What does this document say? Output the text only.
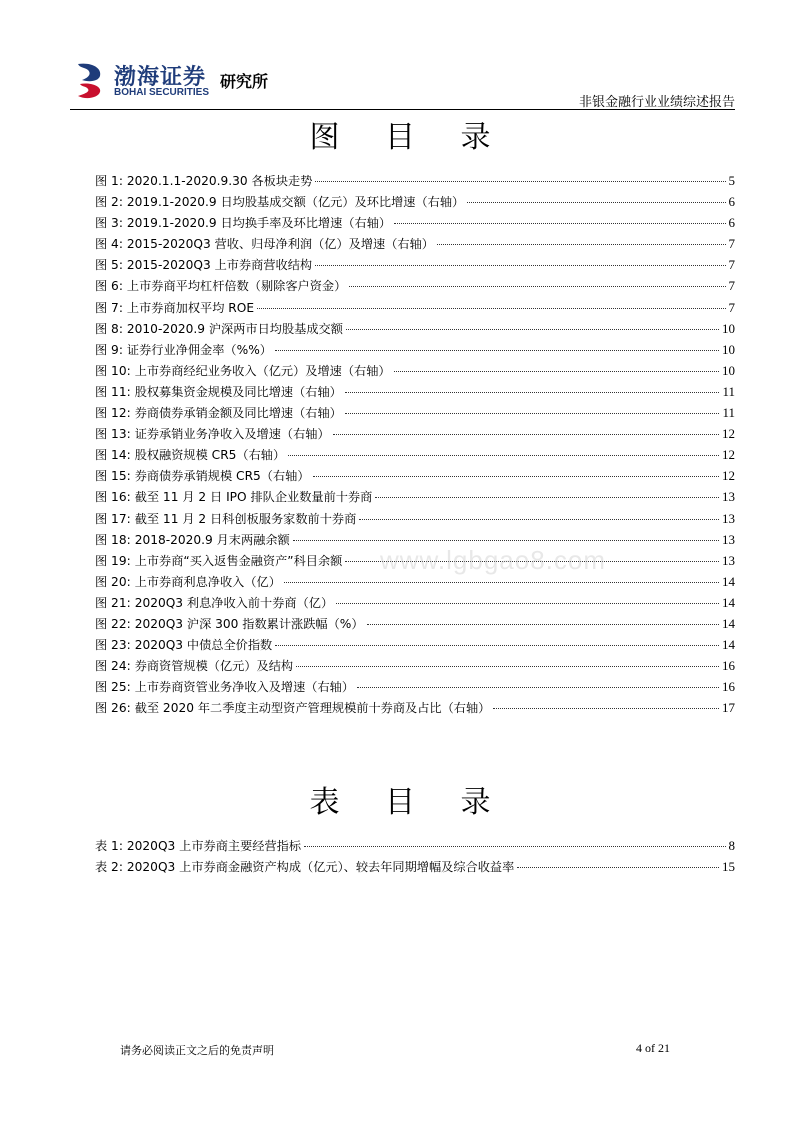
渤海证券
BOHAI SECURITIES
研究所
非银金融行业业绩综述报告
图 目 录
图 1: 2020.1.1-2020.9.30 各板块走势	5
图 2: 2019.1-2020.9 日均股基成交额（亿元）及环比增速（右轴）	6
图 3: 2019.1-2020.9 日均换手率及环比增速（右轴）	6
图 4: 2015-2020Q3 营收、归母净利润（亿）及增速（右轴）	7
图 5: 2015-2020Q3 上市券商营收结构	7
图 6: 上市券商平均杠杆倍数（剔除客户资金）	7
图 7: 上市券商加权平均 ROE	7
图 8: 2010-2020.9 沪深两市日均股基成交额	10
图 9: 证券行业净佣金率（%%）	10
图 10: 上市券商经纪业务收入（亿元）及增速（右轴）	10
图 11: 股权募集资金规模及同比增速（右轴）	11
图 12: 券商债券承销金额及同比增速（右轴）	11
图 13: 证券承销业务净收入及增速（右轴）	12
图 14: 股权融资规模 CR5（右轴）	12
图 15: 券商债券承销规模 CR5（右轴）	12
图 16: 截至 11 月 2 日 IPO 排队企业数量前十券商	13
图 17: 截至 11 月 2 日科创板服务家数前十券商	13
图 18: 2018-2020.9 月末两融余额	13
图 19: 上市券商“买入返售金融资产”科目余额	13
图 20: 上市券商利息净收入（亿）	14
图 21: 2020Q3 利息净收入前十券商（亿）	14
图 22: 2020Q3 沪深 300 指数累计涨跌幅（%）	14
图 23: 2020Q3 中债总全价指数	14
图 24: 券商资管规模（亿元）及结构	16
图 25: 上市券商资管业务净收入及增速（右轴）	16
图 26: 截至 2020 年二季度主动型资产管理规模前十券商及占比（右轴）	17
www.lgbgao8.com
表 目 录
表 1: 2020Q3 上市券商主要经营指标	8
表 2: 2020Q3 上市券商金融资产构成（亿元）、较去年同期增幅及综合收益率	15
请务必阅读正文之后的免责声明	4 of 21
